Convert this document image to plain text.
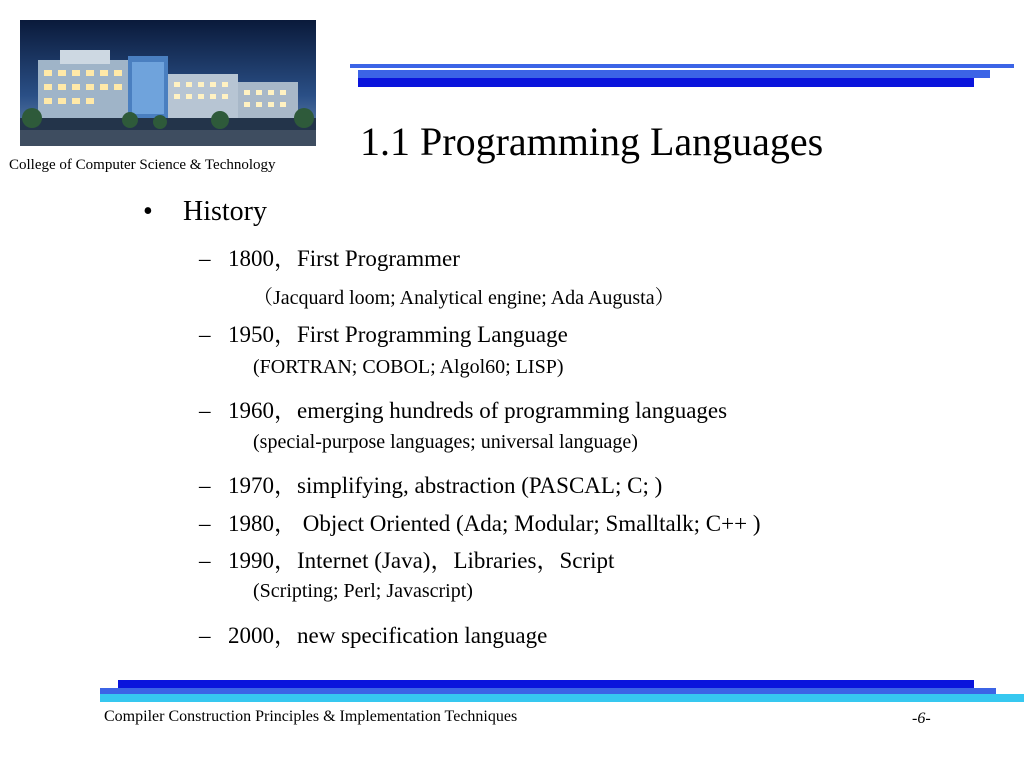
College of Computer Science & Technology
1.1 Programming Languages
• History
– 1800，First Programmer
（Jacquard loom; Analytical engine; Ada Augusta）
– 1950，First Programming Language
(FORTRAN; COBOL; Algol60; LISP)
– 1960，emerging hundreds of programming languages
(special-purpose languages; universal language)
– 1970，simplifying, abstraction (PASCAL; C; )
– 1980， Object Oriented (Ada; Modular; Smalltalk; C++ )
– 1990，Internet (Java)，Libraries，Script
(Scripting; Perl; Javascript)
– 2000，new specification language
Compiler Construction Principles & Implementation Techniques	-6-
